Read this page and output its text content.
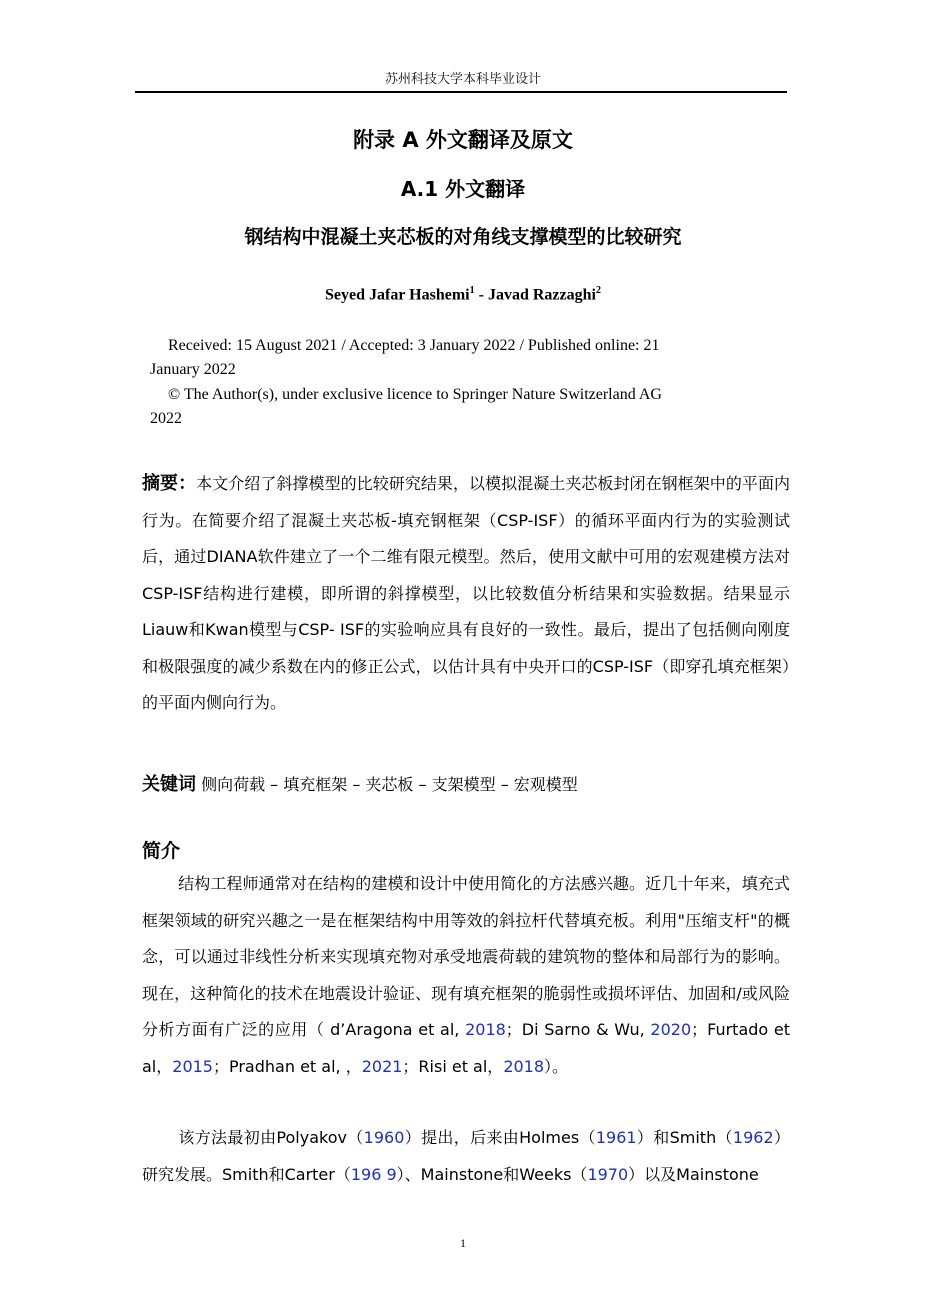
苏州科技大学本科毕业设计
附录 A 外文翻译及原文
A.1 外文翻译
钢结构中混凝土夹芯板的对角线支撑模型的比较研究
Seyed Jafar Hashemi$^1$ - Javad Razzaghi$^2$
Received: 15 August 2021 / Accepted: 3 January 2022 / Published online: 21
January 2022
© The Author(s), under exclusive licence to Springer Nature Switzerland AG
2022
摘要：本文介绍了斜撑模型的比较研究结果，以模拟混凝土夹芯板封闭在钢框架中的平面内行为。在简要介绍了混凝土夹芯板-填充钢框架（CSP-ISF）的循环平面内行为的实验测试后，通过DIANA软件建立了一个二维有限元模型。然后，使用文献中可用的宏观建模方法对CSP-ISF结构进行建模，即所谓的斜撑模型，以比较数值分析结果和实验数据。结果显示Liauw和Kwan模型与CSP- ISF的实验响应具有良好的一致性。最后，提出了包括侧向刚度和极限强度的减少系数在内的修正公式，以估计具有中央开口的CSP-ISF（即穿孔填充框架）的平面内侧向行为。
关键词 侧向荷载 – 填充框架 – 夹芯板 – 支架模型 – 宏观模型
简介
结构工程师通常对在结构的建模和设计中使用简化的方法感兴趣。近几十年来，填充式框架领域的研究兴趣之一是在框架结构中用等效的斜拉杆代替填充板。利用"压缩支杆"的概念，可以通过非线性分析来实现填充物对承受地震荷载的建筑物的整体和局部行为的影响。现在，这种简化的技术在地震设计验证、现有填充框架的脆弱性或损坏评估、加固和/或风险分析方面有广泛的应用（ d’Aragona et al, 2018；Di Sarno & Wu, 2020；Furtado et al，2015；Pradhan et al, ，2021；Risi et al，2018）。
该方法最初由Polyakov（1960）提出，后来由Holmes（1961）和Smith（1962）研究发展。Smith和Carter（196 9）、Mainstone和Weeks（1970）以及Mainstone
1
